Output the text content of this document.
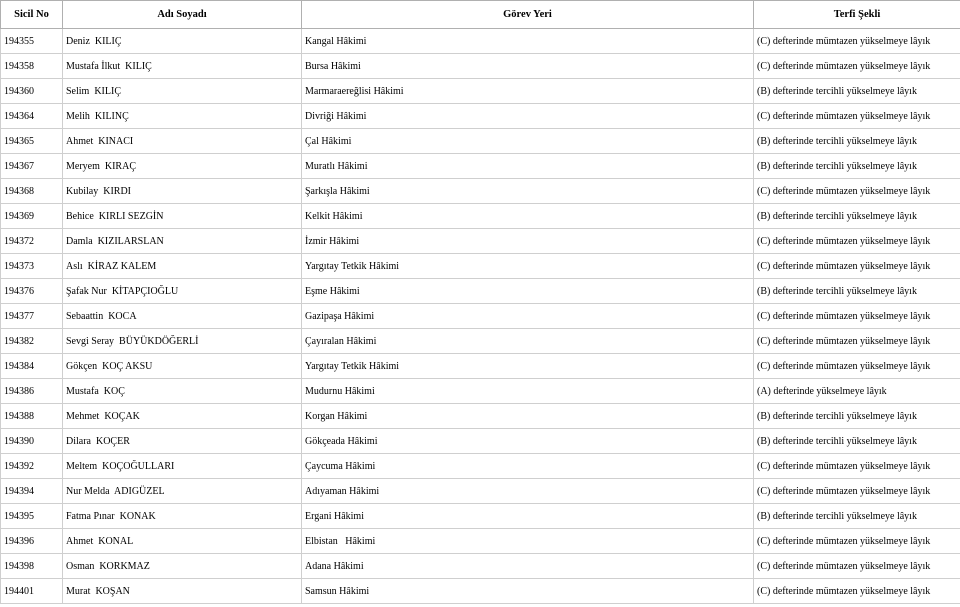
Sicil No	Adı Soyadı	Görev Yeri	Terfi Şekli
194355	Deniz  KILIÇ	Kangal Hâkimi	(C) defterinde mümtazen yükselmeye lâyık
194358	Mustafa İlkut  KILIÇ	Bursa Hâkimi	(C) defterinde mümtazen yükselmeye lâyık
194360	Selim  KILIÇ	Marmaraereğlisi Hâkimi	(B) defterinde tercihli yükselmeye lâyık
194364	Melih  KILINÇ	Divriği Hâkimi	(C) defterinde mümtazen yükselmeye lâyık
194365	Ahmet  KINACI	Çal Hâkimi	(B) defterinde tercihli yükselmeye lâyık
194367	Meryem  KIRAÇ	Muratlı Hâkimi	(B) defterinde tercihli yükselmeye lâyık
194368	Kubilay  KIRDI	Şarkışla Hâkimi	(C) defterinde mümtazen yükselmeye lâyık
194369	Behice  KIRLI SEZGİN	Kelkit Hâkimi	(B) defterinde tercihli yükselmeye lâyık
194372	Damla  KIZILARSLAN	İzmir Hâkimi	(C) defterinde mümtazen yükselmeye lâyık
194373	Aslı  KİRAZ KALEM	Yargıtay Tetkik Hâkimi	(C) defterinde mümtazen yükselmeye lâyık
194376	Şafak Nur  KİTAPÇIOĞLU	Eşme Hâkimi	(B) defterinde tercihli yükselmeye lâyık
194377	Sebaattin  KOCA	Gazipaşa Hâkimi	(C) defterinde mümtazen yükselmeye lâyık
194382	Sevgi Seray  BÜYÜKDÖĞERLİ	Çayıralan Hâkimi	(C) defterinde mümtazen yükselmeye lâyık
194384	Gökçen  KOÇ AKSU	Yargıtay Tetkik Hâkimi	(C) defterinde mümtazen yükselmeye lâyık
194386	Mustafa  KOÇ	Mudurnu Hâkimi	(A) defterinde yükselmeye lâyık
194388	Mehmet  KOÇAK	Korgan Hâkimi	(B) defterinde tercihli yükselmeye lâyık
194390	Dilara  KOÇER	Gökçeada Hâkimi	(B) defterinde tercihli yükselmeye lâyık
194392	Meltem  KOÇOĞULLARI	Çaycuma Hâkimi	(C) defterinde mümtazen yükselmeye lâyık
194394	Nur Melda  ADIGÜZEL	Adıyaman Hâkimi	(C) defterinde mümtazen yükselmeye lâyık
194395	Fatma Pınar  KONAK	Ergani Hâkimi	(B) defterinde tercihli yükselmeye lâyık
194396	Ahmet  KONAL	Elbistan   Hâkimi	(C) defterinde mümtazen yükselmeye lâyık
194398	Osman  KORKMAZ	Adana Hâkimi	(C) defterinde mümtazen yükselmeye lâyık
194401	Murat  KOŞAN	Samsun Hâkimi	(C) defterinde mümtazen yükselmeye lâyık
